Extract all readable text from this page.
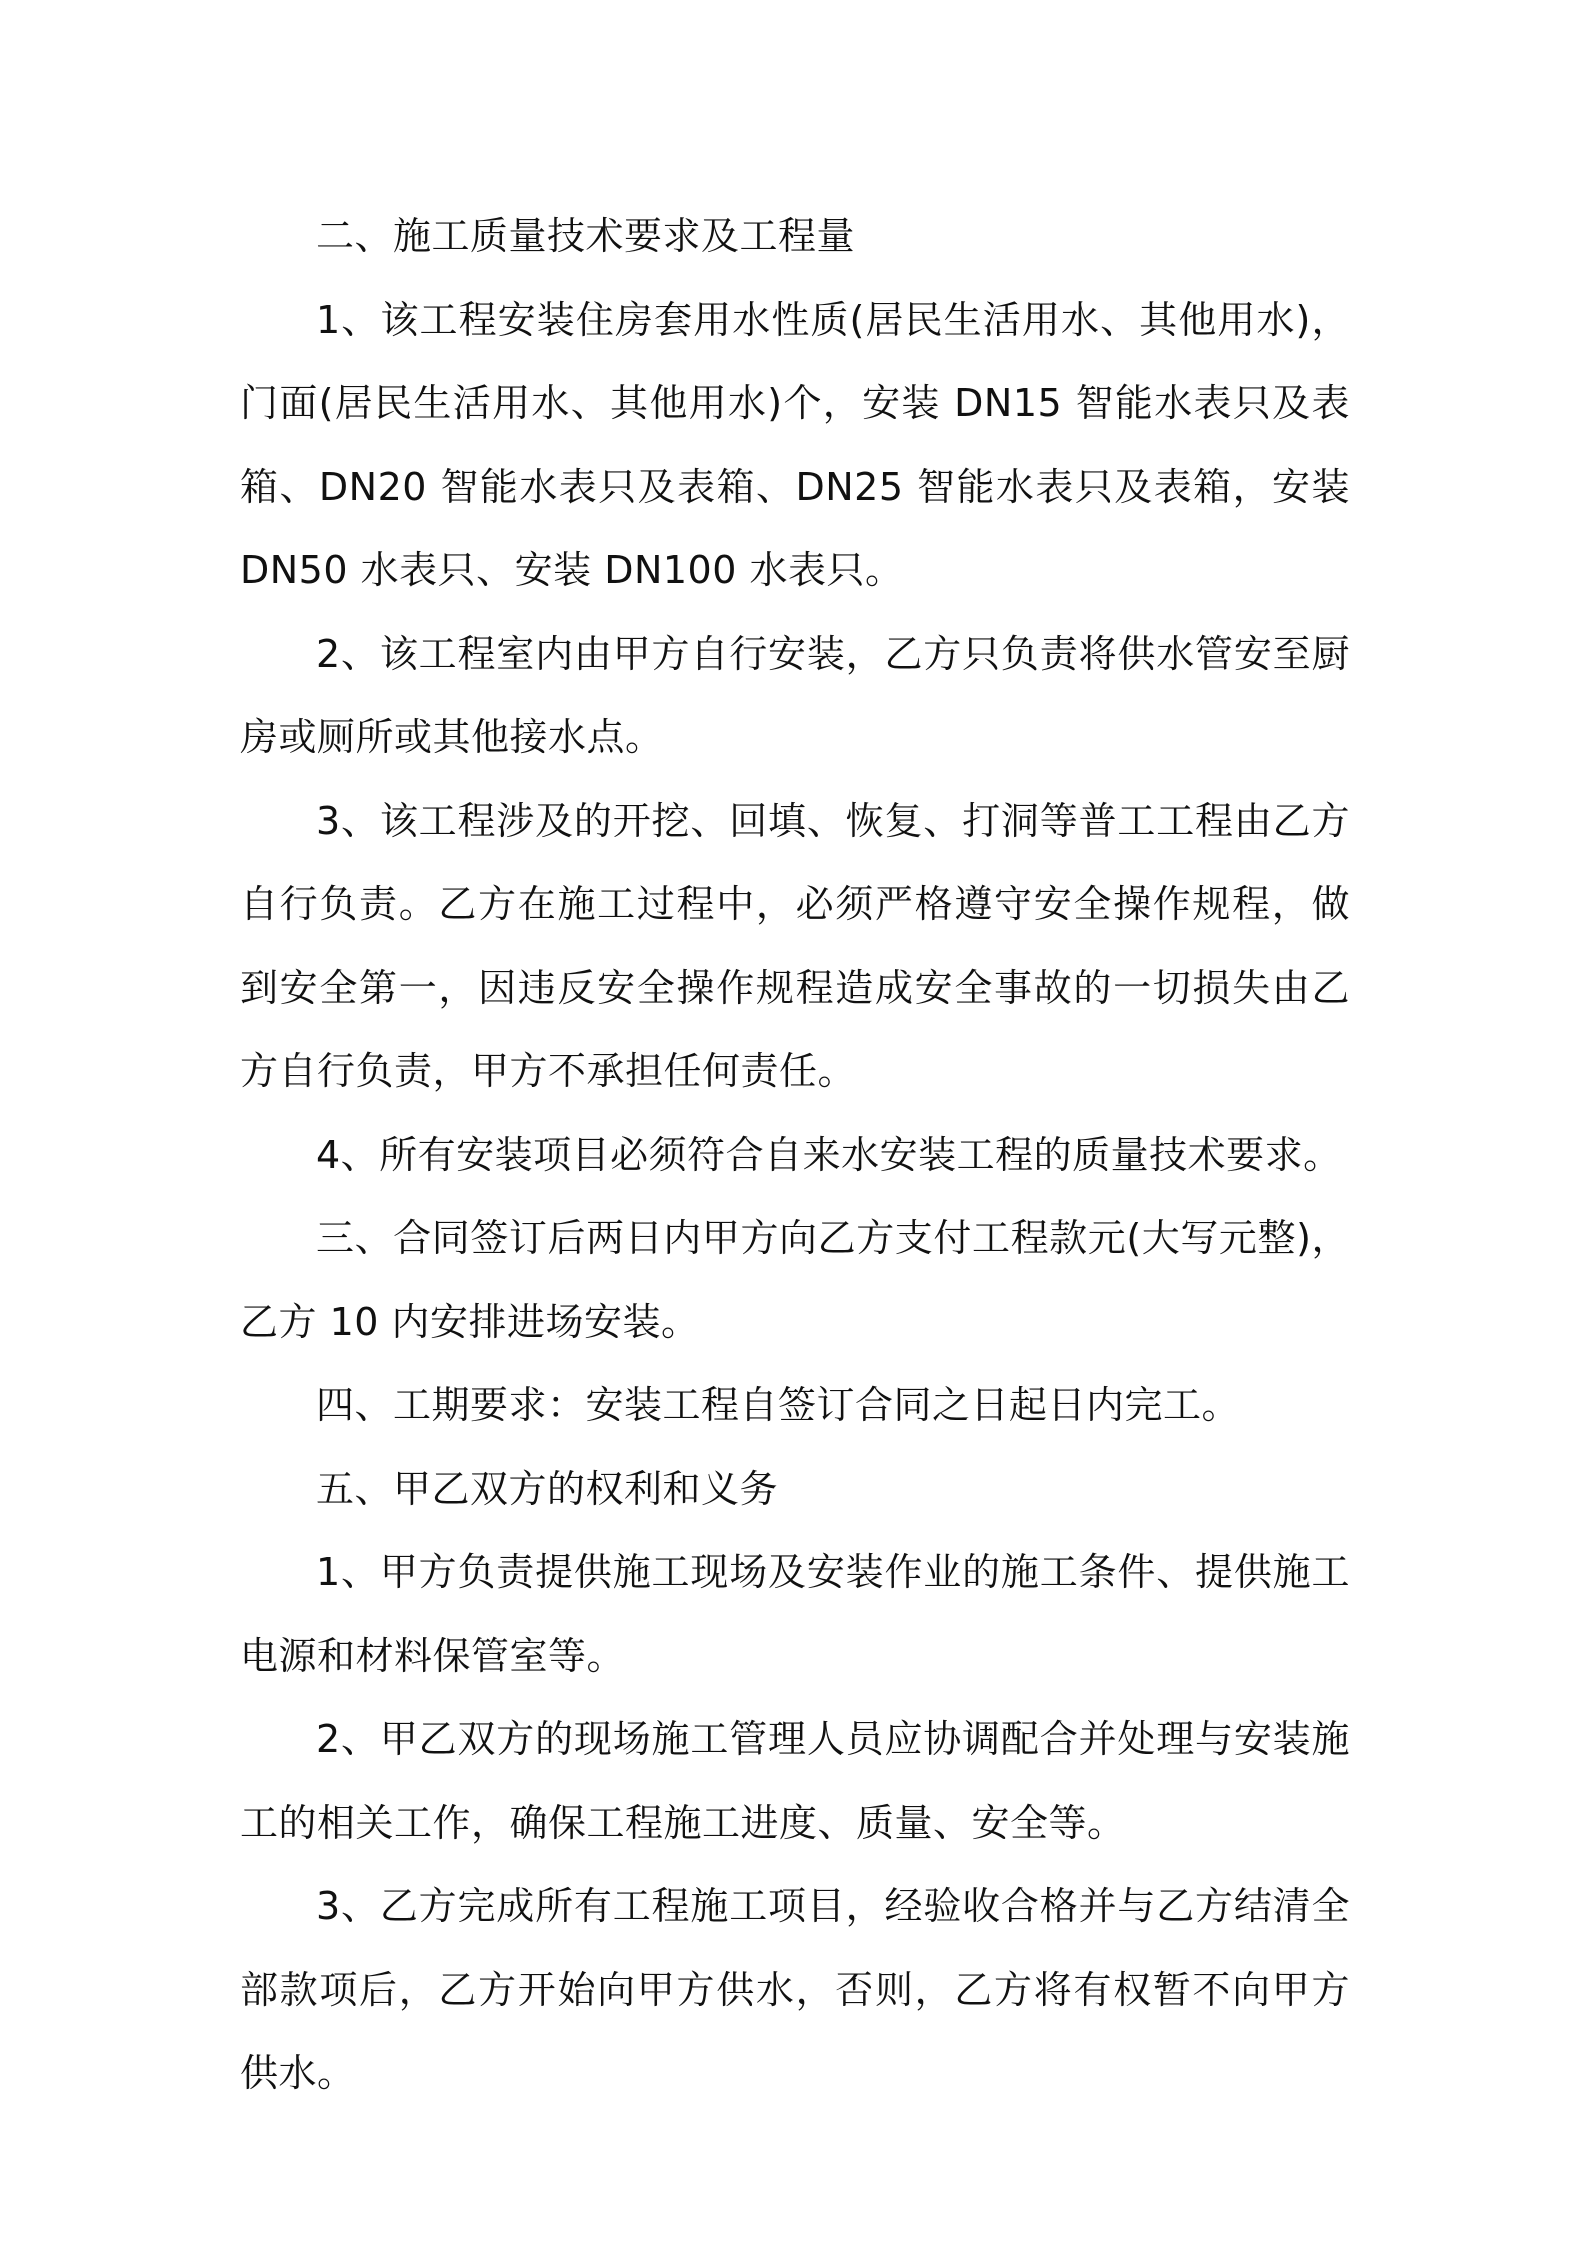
二、施工质量技术要求及工程量

1、该工程安装住房套用水性质(居民生活用水、其他用水)，门面(居民生活用水、其他用水)个，安装 DN15 智能水表只及表箱、DN20 智能水表只及表箱、DN25 智能水表只及表箱，安装 DN50 水表只、安装 DN100 水表只。

2、该工程室内由甲方自行安装，乙方只负责将供水管安至厨房或厕所或其他接水点。

3、该工程涉及的开挖、回填、恢复、打洞等普工工程由乙方自行负责。乙方在施工过程中，必须严格遵守安全操作规程，做到安全第一，因违反安全操作规程造成安全事故的一切损失由乙方自行负责，甲方不承担任何责任。

4、所有安装项目必须符合自来水安装工程的质量技术要求。

三、合同签订后两日内甲方向乙方支付工程款元(大写元整)，乙方 10 内安排进场安装。

四、工期要求：安装工程自签订合同之日起日内完工。

五、甲乙双方的权利和义务

1、甲方负责提供施工现场及安装作业的施工条件、提供施工电源和材料保管室等。

2、甲乙双方的现场施工管理人员应协调配合并处理与安装施工的相关工作，确保工程施工进度、质量、安全等。

3、乙方完成所有工程施工项目，经验收合格并与乙方结清全部款项后，乙方开始向甲方供水，否则，乙方将有权暂不向甲方供水。
